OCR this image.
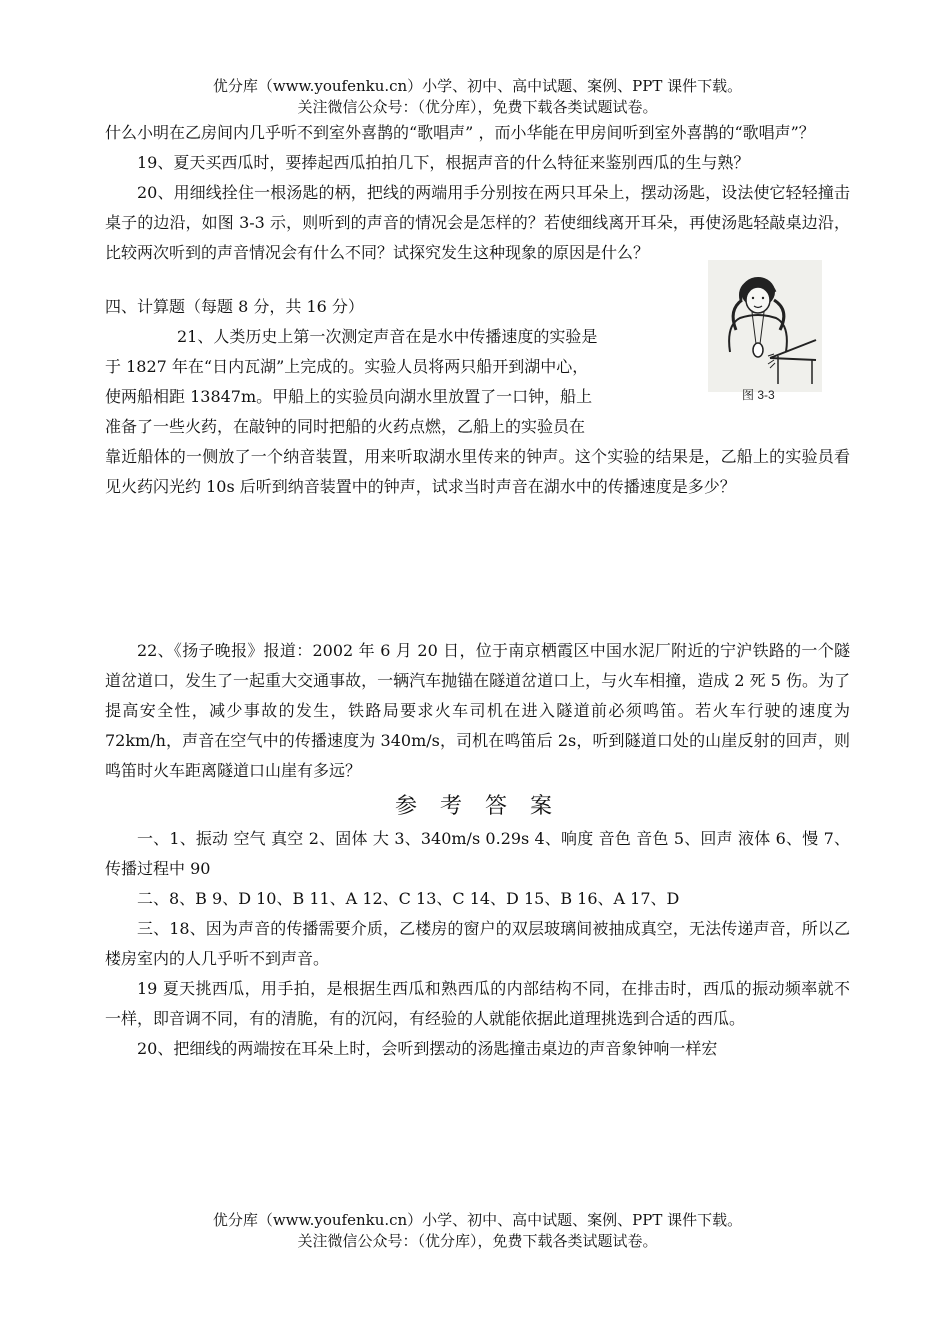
优分库（www.youfenku.cn）小学、初中、高中试题、案例、PPT 课件下载。
关注微信公众号：（优分库），免费下载各类试题试卷。

什么小明在乙房间内几乎听不到室外喜鹊的“歌唱声” ，而小华能在甲房间听到室外喜鹊的“歌唱声”？

19、夏天买西瓜时，要捧起西瓜拍拍几下，根据声音的什么特征来鉴别西瓜的生与熟？

20、用细线拴住一根汤匙的柄，把线的两端用手分别按在两只耳朵上，摆动汤匙，设法使它轻轻撞击桌子的边沿，如图 3-3 示，则听到的声音的情况会是怎样的？若使细线离开耳朵，再使汤匙轻敲桌边沿，比较两次听到的声音情况会有什么不同？试探究发生这种现象的原因是什么？

图 3-3

四、计算题（每题 8 分，共 16 分）

21、人类历史上第一次测定声音在是水中传播速度的实验是

于 1827 年在“日内瓦湖”上完成的。实验人员将两只船开到湖中心，

使两船相距 13847m。甲船上的实验员向湖水里放置了一口钟，船上

准备了一些火药，在敲钟的同时把船的火药点燃，乙船上的实验员在

靠近船体的一侧放了一个纳音装置，用来听取湖水里传来的钟声。这个实验的结果是，乙船上的实验员看见火药闪光约 10s 后听到纳音装置中的钟声，试求当时声音在湖水中的传播速度是多少？

22、《扬子晚报》报道：2002 年 6 月 20 日，位于南京栖霞区中国水泥厂附近的宁沪铁路的一个隧道岔道口，发生了一起重大交通事故，一辆汽车抛锚在隧道岔道口上，与火车相撞，造成 2 死 5 伤。为了提高安全性，减少事故的发生，铁路局要求火车司机在进入隧道前必须鸣笛。若火车行驶的速度为 72km/h，声音在空气中的传播速度为 340m/s，司机在鸣笛后 2s，听到隧道口处的山崖反射的回声，则鸣笛时火车距离隧道口山崖有多远？

参 考 答 案

一、1、振动 空气 真空 2、固体 大 3、340m/s 0.29s 4、响度 音色 音色 5、回声 液体 6、慢 7、传播过程中 90

二、8、B 9、D 10、B 11、A 12、C 13、C 14、D 15、B 16、A 17、D

三、18、因为声音的传播需要介质，乙楼房的窗户的双层玻璃间被抽成真空，无法传递声音，所以乙楼房室内的人几乎听不到声音。

19 夏天挑西瓜，用手拍，是根据生西瓜和熟西瓜的内部结构不同，在排击时，西瓜的振动频率就不一样，即音调不同，有的清脆，有的沉闷，有经验的人就能依据此道理挑选到合适的西瓜。

20、把细线的两端按在耳朵上时，会听到摆动的汤匙撞击桌边的声音象钟响一样宏

优分库（www.youfenku.cn）小学、初中、高中试题、案例、PPT 课件下载。
关注微信公众号：（优分库），免费下载各类试题试卷。
